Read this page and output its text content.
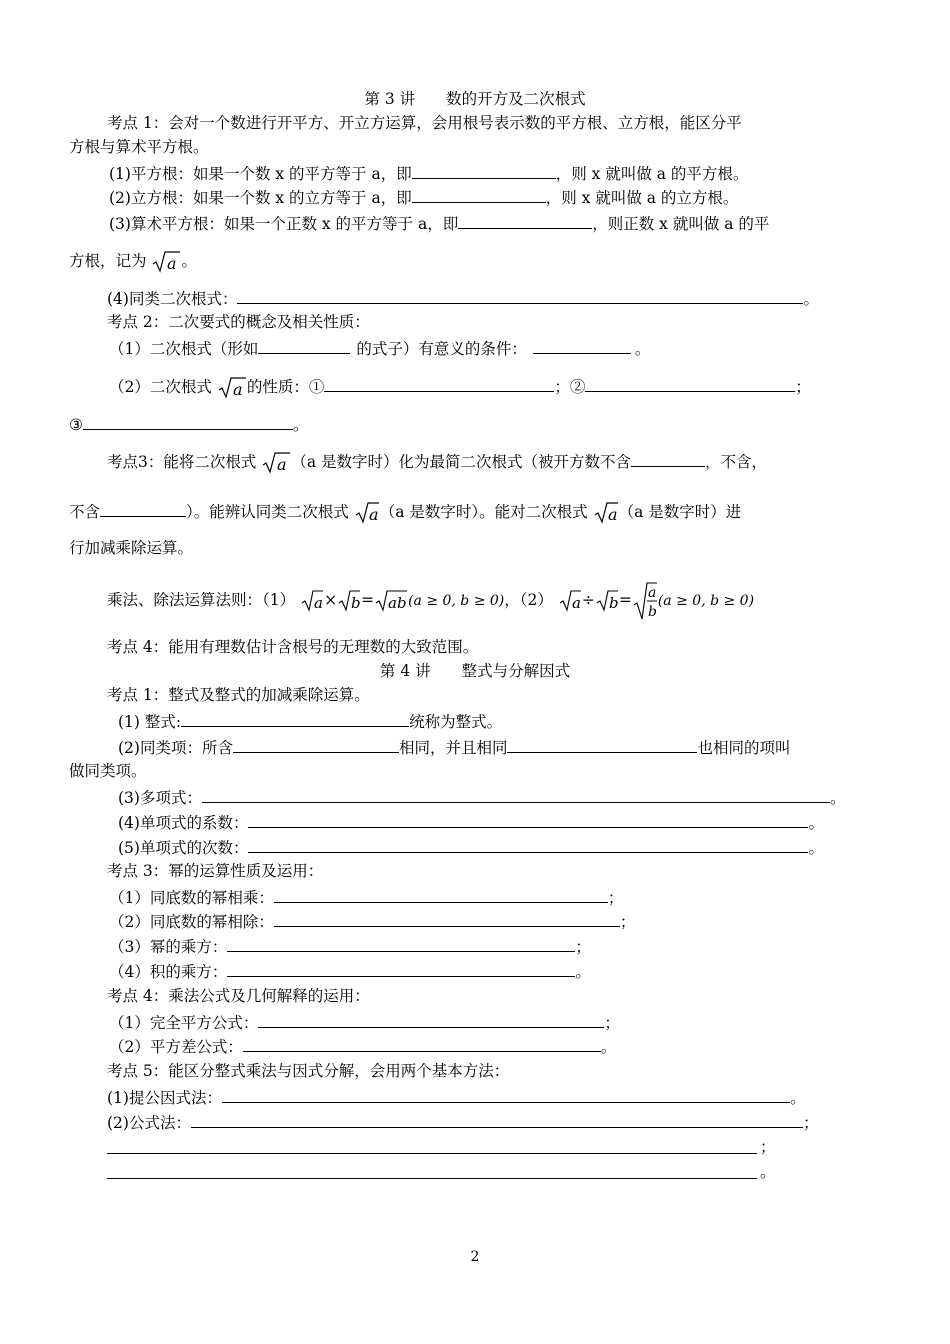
第 3 讲　　数的开方及二次根式
考点 1：会对一个数进行开平方、开立方运算，会用根号表示数的平方根、立方根，能区分平
方根与算术平方根。
(1)平方根：如果一个数 x 的平方等于 a，即	，则 x 就叫做 a 的平方根。
(2)立方根：如果一个数 x 的立方等于 a，即	，则 x 就叫做 a 的立方根。
(3)算术平方根：如果一个正数 x 的平方等于 a，即	，则正数 x 就叫做 a 的平
方根，记为 a 。
(4)同类二次根式：	。
考点 2：二次要式的概念及相关性质：
（1）二次根式（形如	的式子）有意义的条件：	。
（2）二次根式 a 的性质：①	；②	；
③	。
考点3：能将二次根式 a （a 是数字时）化为最简二次根式（被开方数不含	，不含，
不含	）。能辨认同类二次根式 a （a 是数字时）。能对二次根式 a （a 是数字时）进
行加减乘除运算。
乘法、除法运算法则：（1） a × b = ab (a ≥ 0, b ≥ 0)，（2） a ÷ b = a
b
(a ≥ 0, b ≥ 0)
考点 4：能用有理数估计含根号的无理数的大致范围。
第 4 讲　　整式与分解因式
考点 1：整式及整式的加减乘除运算。
(1) 整式:	统称为整式。
(2)同类项：所含	相同，并且相同	也相同的项叫
做同类项。
(3)多项式：	。
(4)单项式的系数：	。
(5)单项式的次数：	。
考点 3：幂的运算性质及运用：
（1）同底数的幂相乘：	；
（2）同底数的幂相除：	；
（3）幂的乘方：	；
（4）积的乘方：	。
考点 4：乘法公式及几何解释的运用：
（1）完全平方公式：	；
（2）平方差公式：	。
考点 5：能区分整式乘法与因式分解，会用两个基本方法：
(1)提公因式法：	。
(2)公式法：	；
；
。
2
